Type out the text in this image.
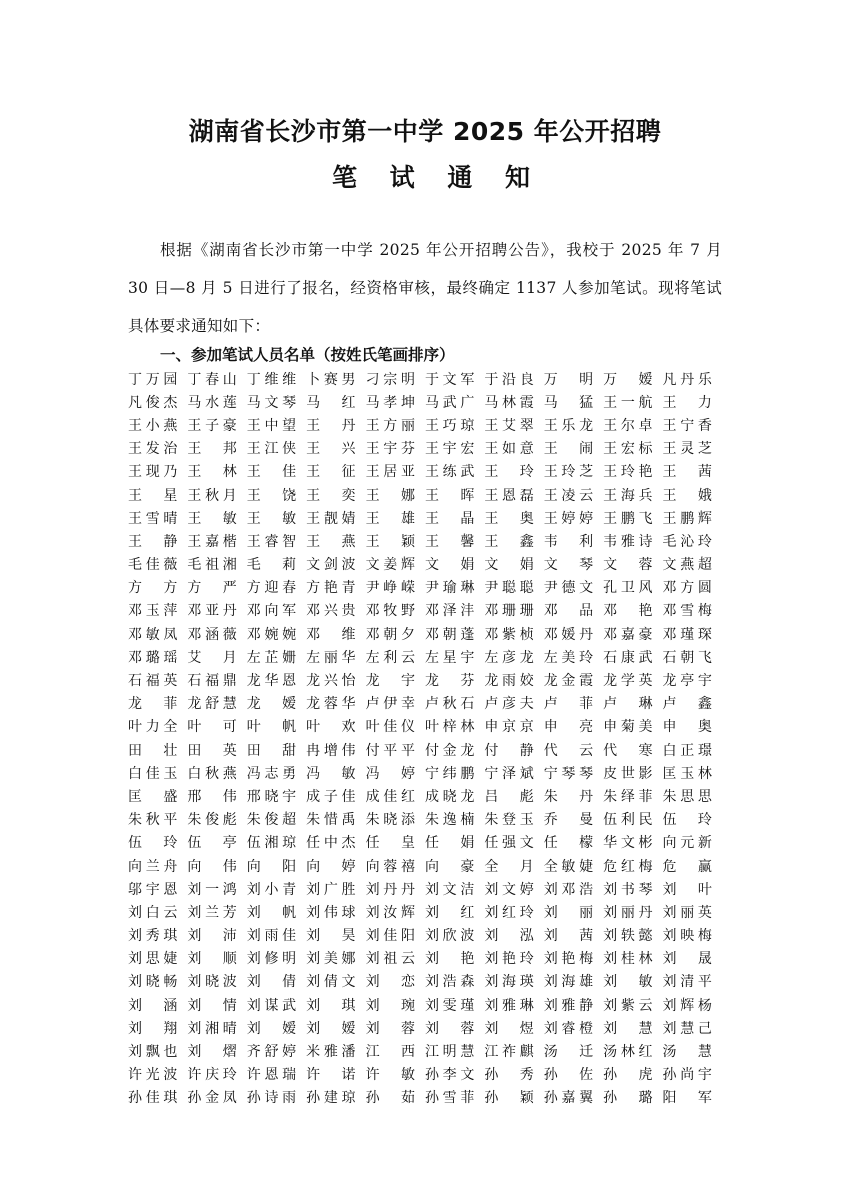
湖南省长沙市第一中学 2025 年公开招聘
笔 试 通 知
根据《湖南省长沙市第一中学 2025 年公开招聘公告》，我校于 2025 年 7 月 30 日—8 月 5 日进行了报名，经资格审核，最终确定 1137 人参加笔试。现将笔试具体要求通知如下：
一、参加笔试人员名单（按姓氏笔画排序）
丁万园 丁春山 丁维维 卜赛男 刁宗明 于文军 于沿良 万 明 万 嫒 凡丹乐
凡俊杰 马水莲 马文琴 马 红 马孝坤 马武广 马林霞 马 猛 王一航 王 力
王小燕 王子豪 王中望 王 丹 王方丽 王巧琼 王艾翠 王乐龙 王尔卓 王宁香
王发治 王 邦 王江侠 王 兴 王宇芬 王宇宏 王如意 王 闹 王宏标 王灵芝
王现乃 王 林 王 佳 王 征 王居亚 王练武 王 玲 王玲芝 王玲艳 王 茜
王 星 王秋月 王 饶 王 奕 王 娜 王 晖 王恩磊 王凌云 王海兵 王 娥
王雪晴 王 敏 王 敏 王靓婧 王 雄 王 晶 王 奥 王婷婷 王鹏飞 王鹏辉
王 静 王嘉楷 王睿智 王 燕 王 颖 王 馨 王 鑫 韦 利 韦雅诗 毛沁玲
毛佳薇 毛祖湘 毛 莉 文剑波 文姜辉 文 娟 文 娟 文 琴 文 蓉 文燕超
方 方 方 严 方迎春 方艳青 尹峥嵘 尹瑜琳 尹聪聪 尹德文 孔卫风 邓方圆
邓玉萍 邓亚丹 邓向军 邓兴贵 邓牧野 邓泽沣 邓珊珊 邓 品 邓 艳 邓雪梅
邓敏凤 邓涵薇 邓婉婉 邓 维 邓朝夕 邓朝蓬 邓紫桢 邓媛丹 邓嘉豪 邓瑾琛
邓璐瑶 艾 月 左芷姗 左丽华 左利云 左星宇 左彦龙 左美玲 石康武 石朝飞
石福英 石福鼎 龙华恩 龙兴怡 龙 宇 龙 芬 龙雨姣 龙金霞 龙学英 龙亭宇
龙 菲 龙舒慧 龙 嫒 龙蓉华 卢伊幸 卢秋石 卢彦夫 卢 菲 卢 琳 卢 鑫
叶力全 叶 可 叶 帆 叶 欢 叶佳仪 叶梓林 申京京 申 亮 申菊美 申 奥
田 壮 田 英 田 甜 冉增伟 付平平 付金龙 付 静 代 云 代 寒 白正璟
白佳玉 白秋燕 冯志勇 冯 敏 冯 婷 宁纬鹏 宁泽斌 宁琴琴 皮世影 匡玉林
匡 盛 邢 伟 邢晓宇 成子佳 成佳红 成晓龙 吕 彪 朱 丹 朱绎菲 朱思思
朱秋平 朱俊彪 朱俊超 朱惜禹 朱晓添 朱逸楠 朱登玉 乔 曼 伍利民 伍 玲
伍 玲 伍 亭 伍湘琼 任中杰 任 皇 任 娟 任强文 任 檬 华文彬 向元新
向兰舟 向 伟 向 阳 向 婷 向蓉禧 向 豪 全 月 全敏婕 危红梅 危 赢
邬宇恩 刘一鸿 刘小青 刘广胜 刘丹丹 刘文洁 刘文婷 刘邓浩 刘书琴 刘 叶
刘白云 刘兰芳 刘 帆 刘伟球 刘汝辉 刘 红 刘红玲 刘 丽 刘丽丹 刘丽英
刘秀琪 刘 沛 刘雨佳 刘 昊 刘佳阳 刘欣波 刘 泓 刘 茜 刘轶懿 刘映梅
刘思婕 刘 顺 刘修明 刘美娜 刘祖云 刘 艳 刘艳玲 刘艳梅 刘桂林 刘 晟
刘晓畅 刘晓波 刘 倩 刘倩文 刘 恋 刘浩森 刘海瑛 刘海雄 刘 敏 刘清平
刘 涵 刘 情 刘谋武 刘 琪 刘 琬 刘雯瑾 刘雅琳 刘雅静 刘紫云 刘辉杨
刘 翔 刘湘晴 刘 嫒 刘 嫒 刘 蓉 刘 蓉 刘 煜 刘睿橙 刘 慧 刘慧己
刘飘也 刘 熠 齐舒婷 米雅潘 江 西 江明慧 江祚麒 汤 迁 汤林红 汤 慧
许光波 许庆玲 许恩瑞 许 诺 许 敏 孙李文 孙 秀 孙 佐 孙 虎 孙尚宇
孙佳琪 孙金凤 孙诗雨 孙建琼 孙 茹 孙雪菲 孙 颖 孙嘉翼 孙 璐 阳 军
